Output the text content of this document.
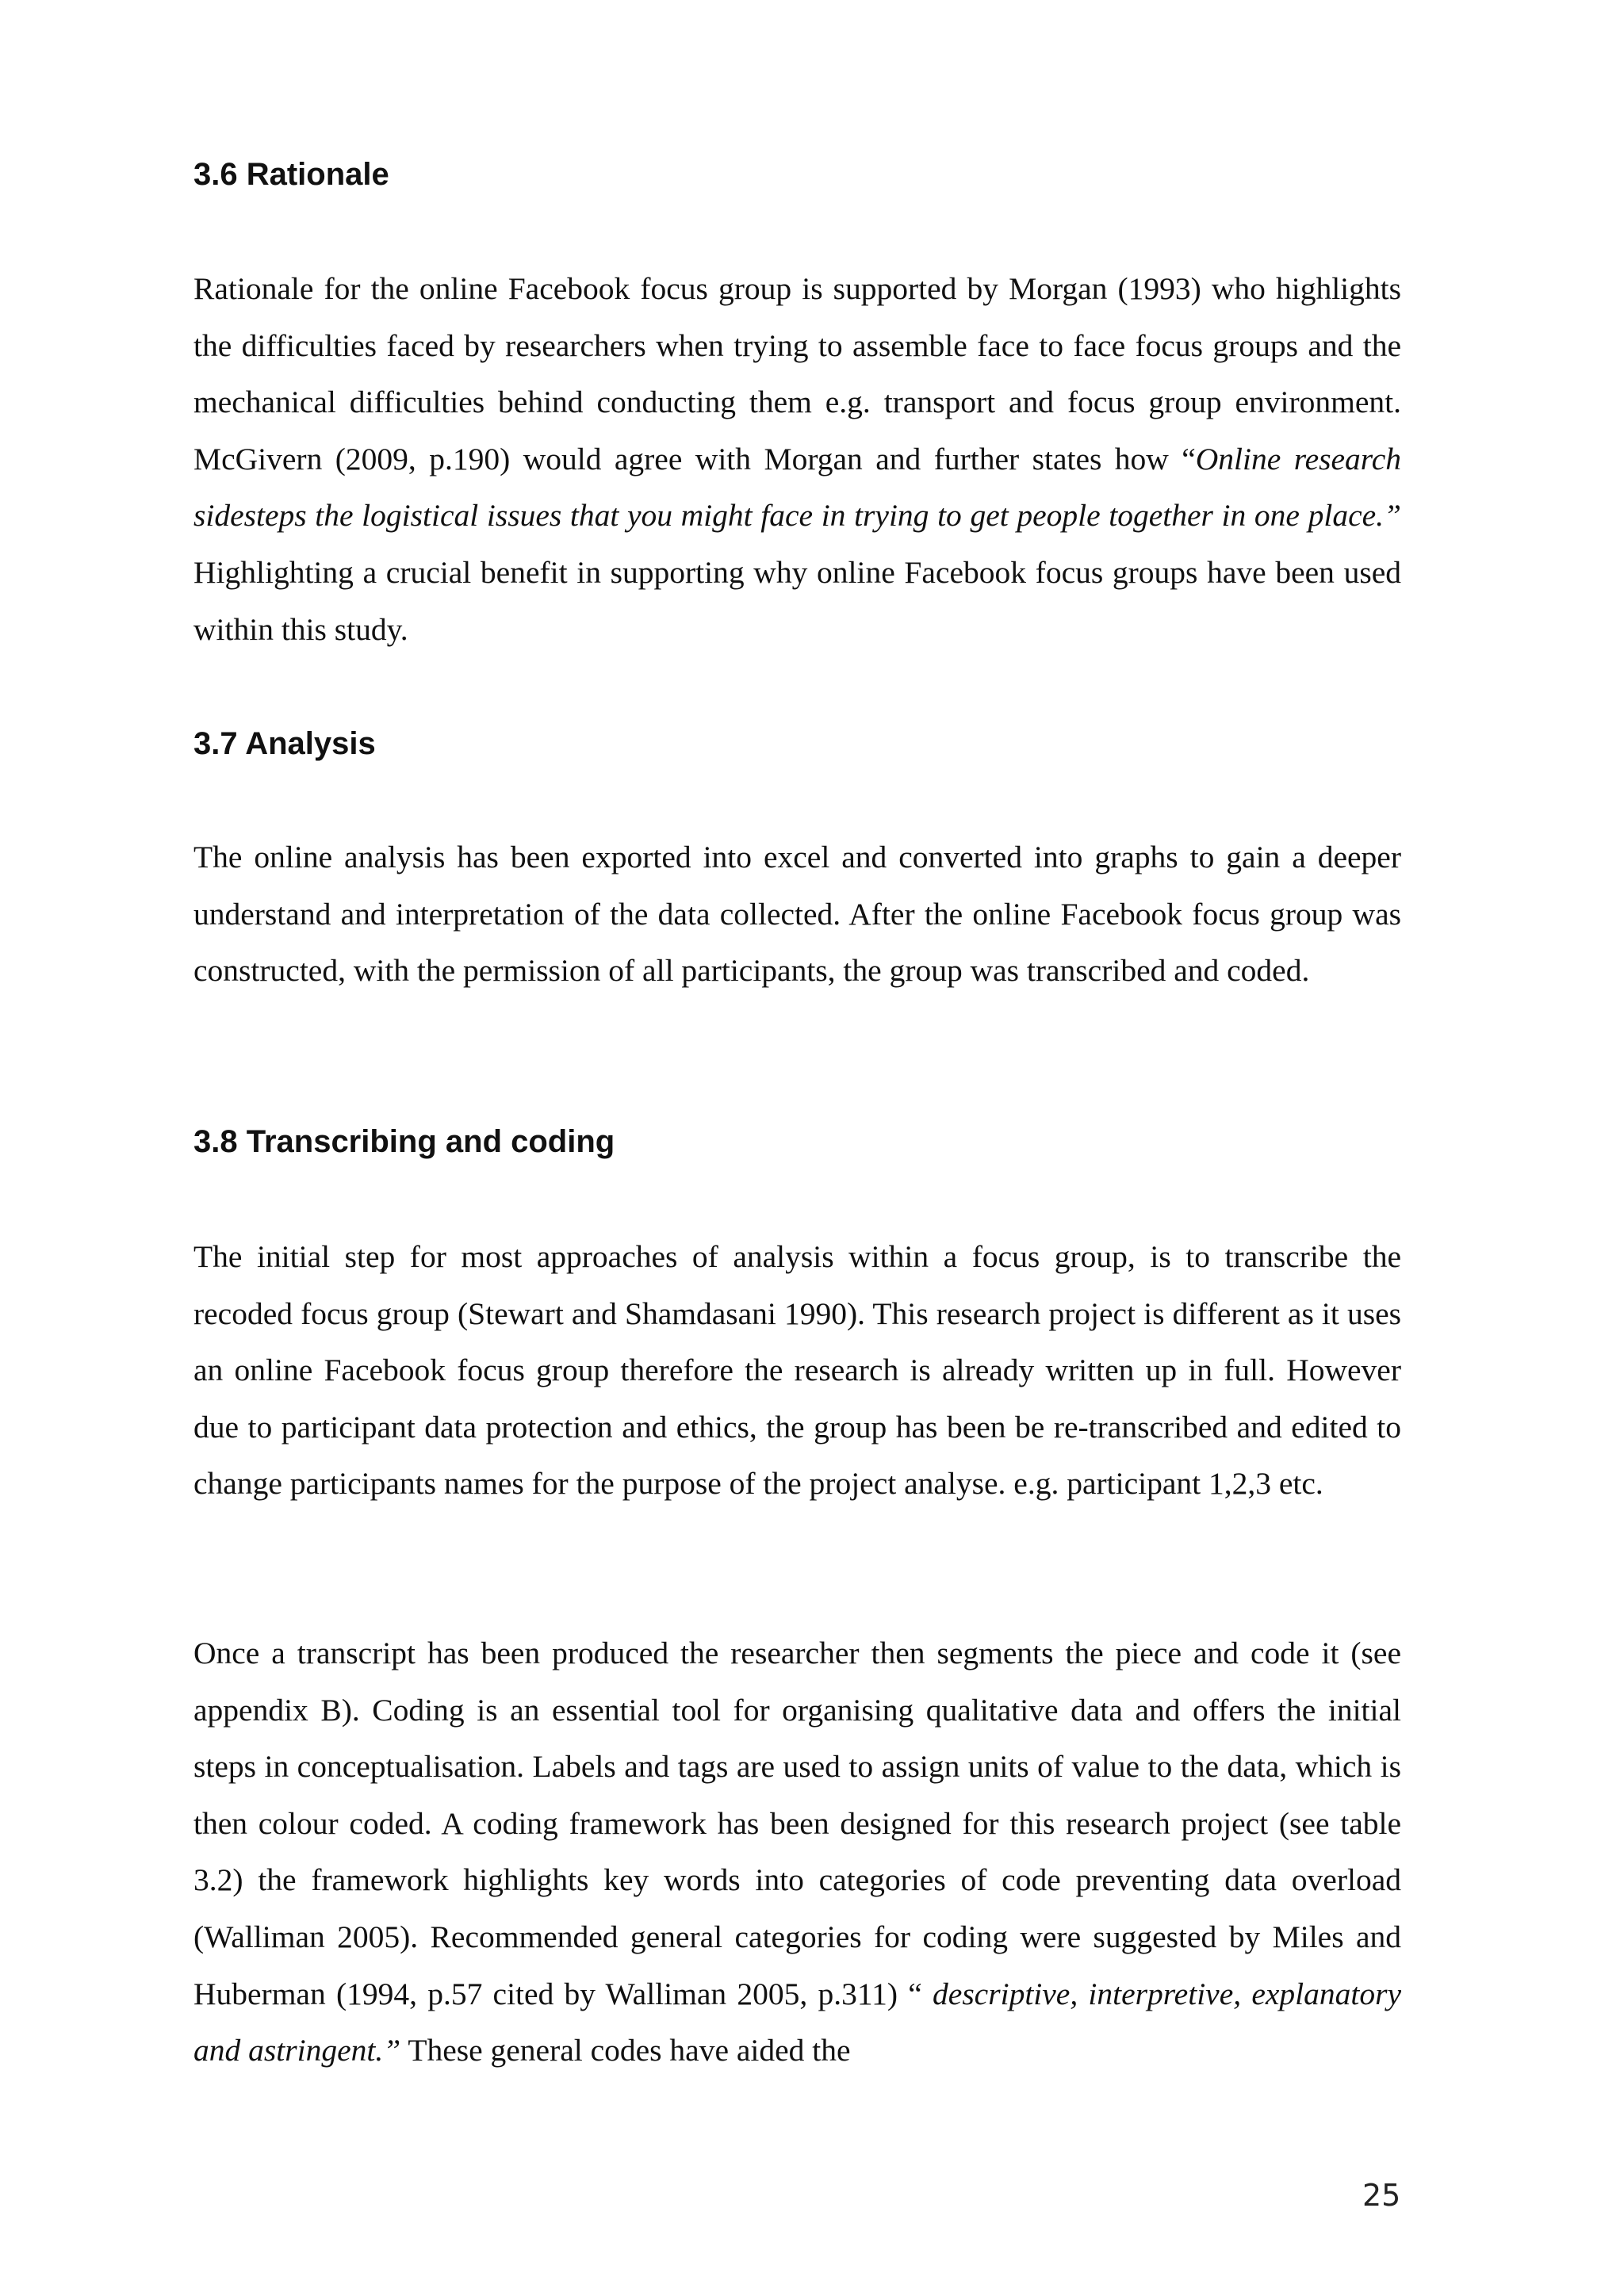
3.6 Rationale

Rationale for the online Facebook focus group is supported by Morgan (1993) who highlights the difficulties faced by researchers when trying to assemble face to face focus groups and the mechanical difficulties behind conducting them e.g. transport and focus group environment. McGivern (2009, p.190) would agree with Morgan and further states how “Online research sidesteps the logistical issues that you might face in trying to get people together in one place.” Highlighting a crucial benefit in supporting why online Facebook focus groups have been used within this study.

3.7 Analysis

The online analysis has been exported into excel and converted into graphs to gain a deeper understand and interpretation of the data collected. After the online Facebook focus group was constructed, with the permission of all participants, the group was transcribed and coded.

3.8 Transcribing and coding

The initial step for most approaches of analysis within a focus group, is to transcribe the recoded focus group (Stewart and Shamdasani 1990). This research project is different as it uses an online Facebook focus group therefore the research is already written up in full. However due to participant data protection and ethics, the group has been be re-transcribed and edited to change participants names for the purpose of the project analyse. e.g. participant 1,2,3 etc.

Once a transcript has been produced the researcher then segments the piece and code it (see appendix B). Coding is an essential tool for organising qualitative data and offers the initial steps in conceptualisation. Labels and tags are used to assign units of value to the data, which is then colour coded. A coding framework has been designed for this research project (see table 3.2) the framework highlights key words into categories of code preventing data overload (Walliman 2005). Recommended general categories for coding were suggested by Miles and Huberman (1994, p.57 cited by Walliman 2005, p.311) “ descriptive, interpretive, explanatory and astringent.” These general codes have aided the

25
